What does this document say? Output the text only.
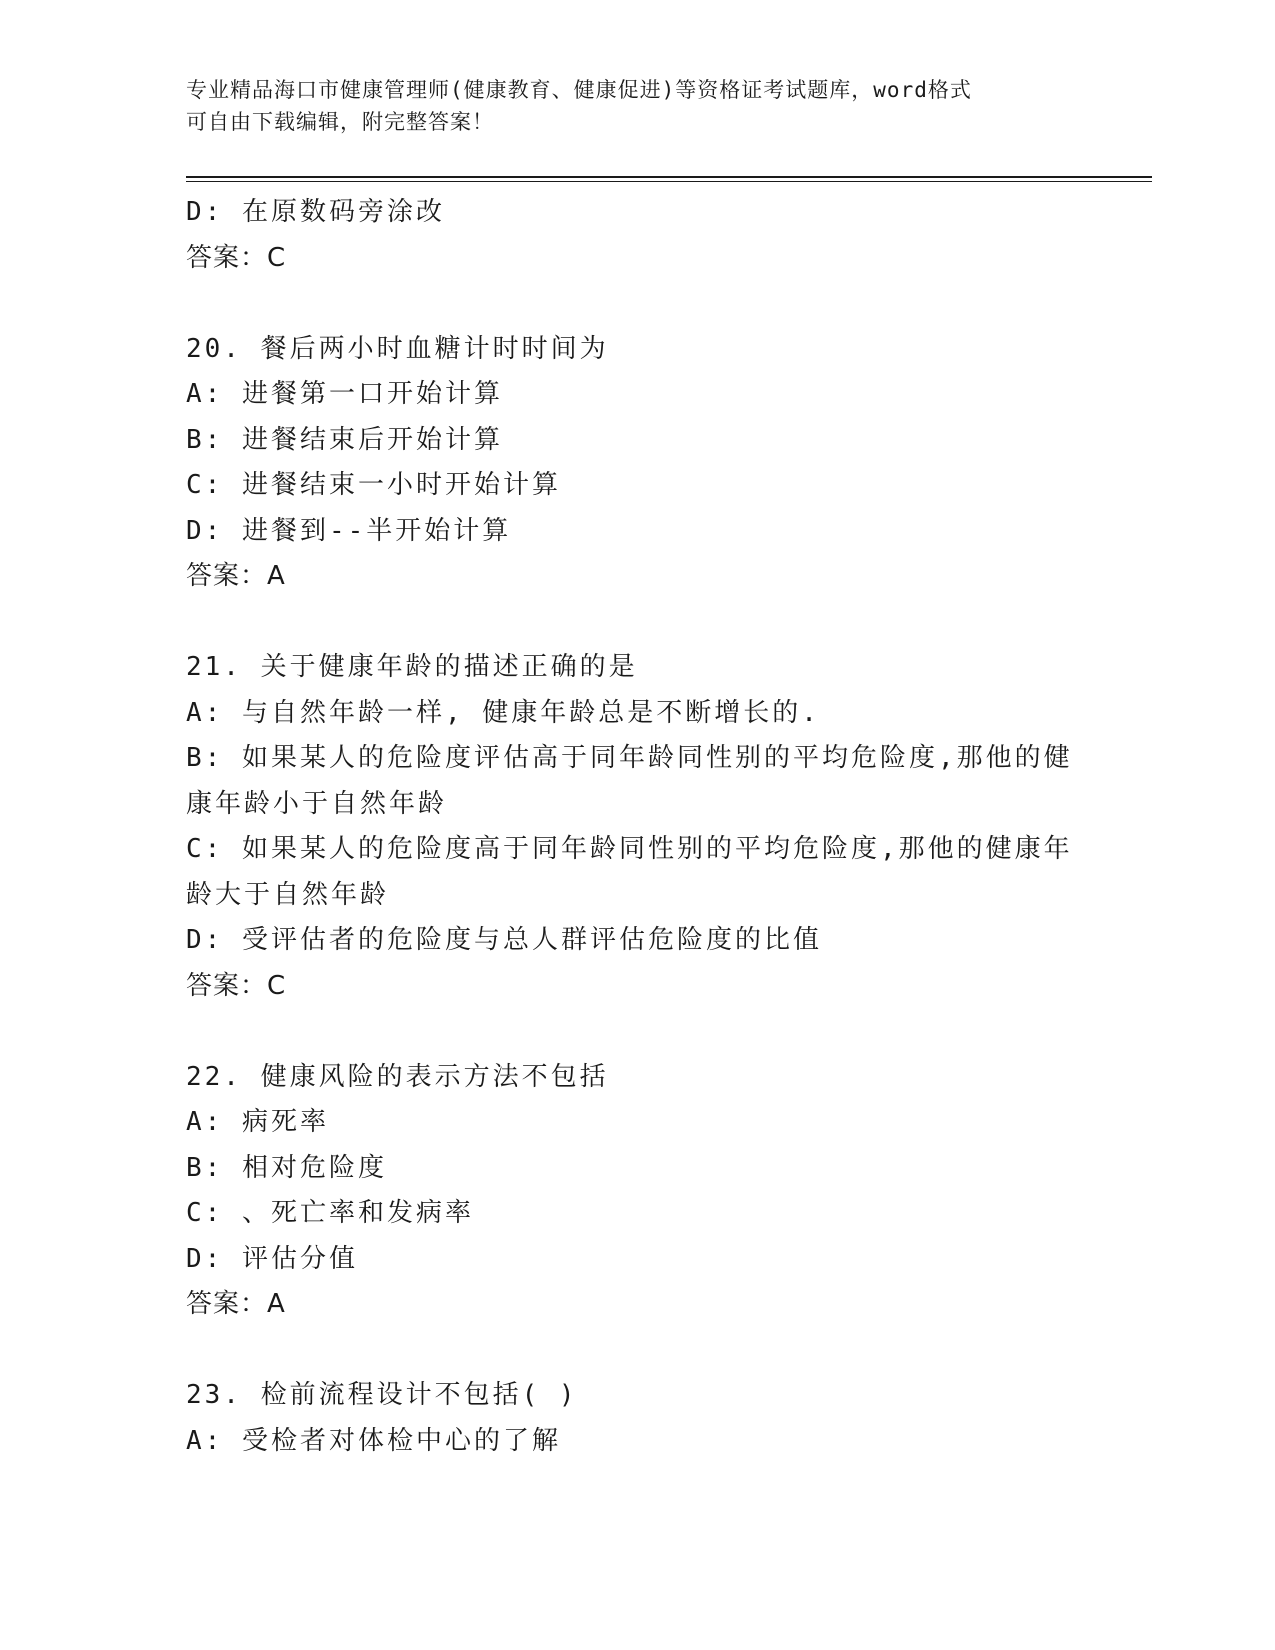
专业精品海口市健康管理师(健康教育、健康促进)等资格证考试题库，word格式
可自由下载编辑，附完整答案！
D: 在原数码旁涂改
答案：C
20. 餐后两小时血糖计时时间为
A: 进餐第一口开始计算
B: 进餐结束后开始计算
C: 进餐结束一小时开始计算
D: 进餐到--半开始计算
答案：A
21. 关于健康年龄的描述正确的是
A: 与自然年龄一样, 健康年龄总是不断增长的.
B: 如果某人的危险度评估高于同年龄同性别的平均危险度,那他的健
康年龄小于自然年龄
C: 如果某人的危险度高于同年龄同性别的平均危险度,那他的健康年
龄大于自然年龄
D: 受评估者的危险度与总人群评估危险度的比值
答案：C
22. 健康风险的表示方法不包括
A: 病死率
B: 相对危险度
C: 、死亡率和发病率
D: 评估分值
答案：A
23. 检前流程设计不包括( )
A: 受检者对体检中心的了解
